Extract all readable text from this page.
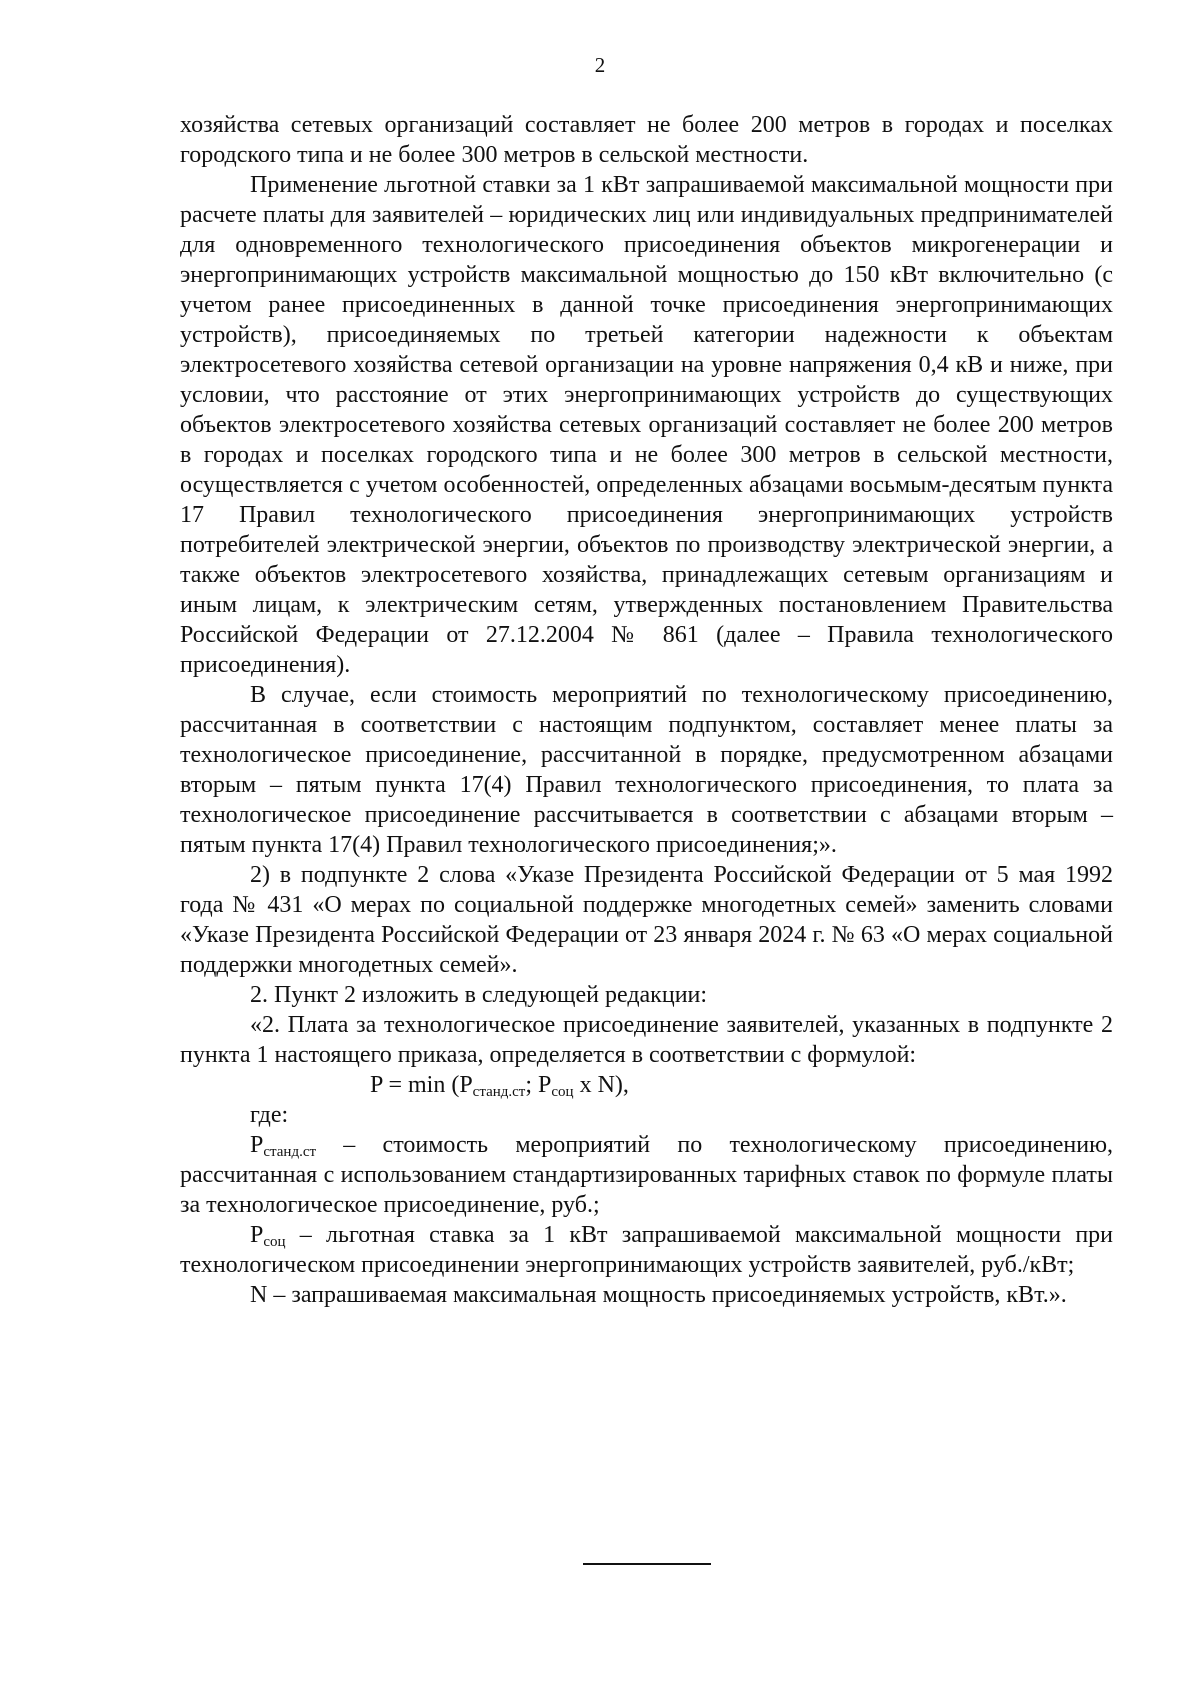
2

хозяйства сетевых организаций составляет не более 200 метров в городах и поселках городского типа и не более 300 метров в сельской местности.

Применение льготной ставки за 1 кВт запрашиваемой максимальной мощности при расчете платы для заявителей – юридических лиц или индивидуальных предпринимателей для одновременного технологического присоединения объектов микрогенерации и энергопринимающих устройств максимальной мощностью до 150 кВт включительно (с учетом ранее присоединенных в данной точке присоединения энергопринимающих устройств), присоединяемых по третьей категории надежности к объектам электросетевого хозяйства сетевой организации на уровне напряжения 0,4 кВ и ниже, при условии, что расстояние от этих энергопринимающих устройств до существующих объектов электросетевого хозяйства сетевых организаций составляет не более 200 метров в городах и поселках городского типа и не более 300 метров в сельской местности, осуществляется с учетом особенностей, определенных абзацами восьмым-десятым пункта 17 Правил технологического присоединения энергопринимающих устройств потребителей электрической энергии, объектов по производству электрической энергии, а также объектов электросетевого хозяйства, принадлежащих сетевым организациям и иным лицам, к электрическим сетям, утвержденных постановлением Правительства Российской Федерации от 27.12.2004 № 861 (далее – Правила технологического присоединения).

В случае, если стоимость мероприятий по технологическому присоединению, рассчитанная в соответствии с настоящим подпунктом, составляет менее платы за технологическое присоединение, рассчитанной в порядке, предусмотренном абзацами вторым – пятым пункта 17(4) Правил технологического присоединения, то плата за технологическое присоединение рассчитывается в соответствии с абзацами вторым – пятым пункта 17(4) Правил технологического присоединения;».

2) в подпункте 2 слова «Указе Президента Российской Федерации от 5 мая 1992 года № 431 «О мерах по социальной поддержке многодетных семей» заменить словами «Указе Президента Российской Федерации от 23 января 2024 г. № 63 «О мерах социальной поддержки многодетных семей».

2. Пункт 2 изложить в следующей редакции:

«2. Плата за технологическое присоединение заявителей, указанных в подпункте 2 пункта 1 настоящего приказа, определяется в соответствии с формулой:

$P = \min (P_{станд.ст}$; $P_{соц}$ x N),

где:

$P_{станд.ст}$ – стоимость мероприятий по технологическому присоединению, рассчитанная с использованием стандартизированных тарифных ставок по формуле платы за технологическое присоединение, руб.;

$P_{соц}$ – льготная ставка за 1 кВт запрашиваемой максимальной мощности при технологическом присоединении энергопринимающих устройств заявителей, руб./кВт;

N – запрашиваемая максимальная мощность присоединяемых устройств, кВт.».
